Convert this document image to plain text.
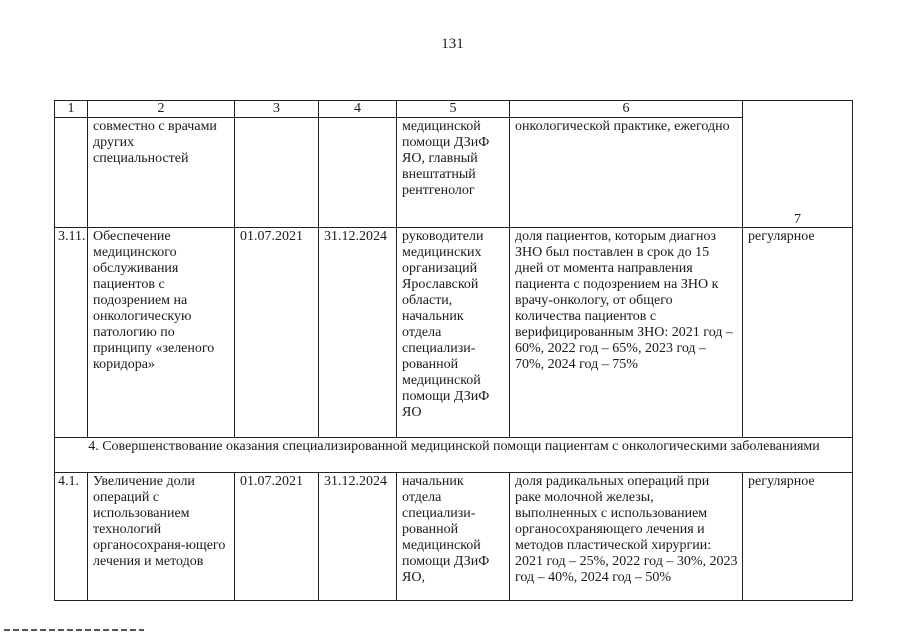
131
1	2	3	4	5	6	7
	совместно с врачами других специальностей			медицинской помощи ДЗиФ ЯО, главный внештатный рентгенолог	онкологической практике, ежегодно	
3.11.	Обеспечение медицинского обслуживания пациентов с подозрением на онкологическую патологию по принципу «зеленого коридора»	01.07.2021	31.12.2024	руководители медицинских организаций Ярославской области, начальник отдела специализи-рованной медицинской помощи ДЗиФ ЯО	доля пациентов, которым диагноз ЗНО был поставлен в срок до 15 дней от момента направления пациента с подозрением на ЗНО к врачу-онкологу, от общего количества пациентов с верифицированным ЗНО: 2021 год – 60%, 2022 год – 65%, 2023 год – 70%, 2024 год – 75%	регулярное
4. Совершенствование оказания специализированной медицинской помощи пациентам с онкологическими заболеваниями						
4.1.	Увеличение доли операций с использованием технологий органосохраня-ющего лечения и методов	01.07.2021	31.12.2024	начальник отдела специализи-рованной медицинской помощи ДЗиФ ЯО,	доля радикальных операций при раке молочной железы, выполненных с использованием органосохраняющего лечения и методов пластической хирургии: 2021 год – 25%, 2022 год – 30%, 2023 год – 40%, 2024 год – 50%	регулярное
